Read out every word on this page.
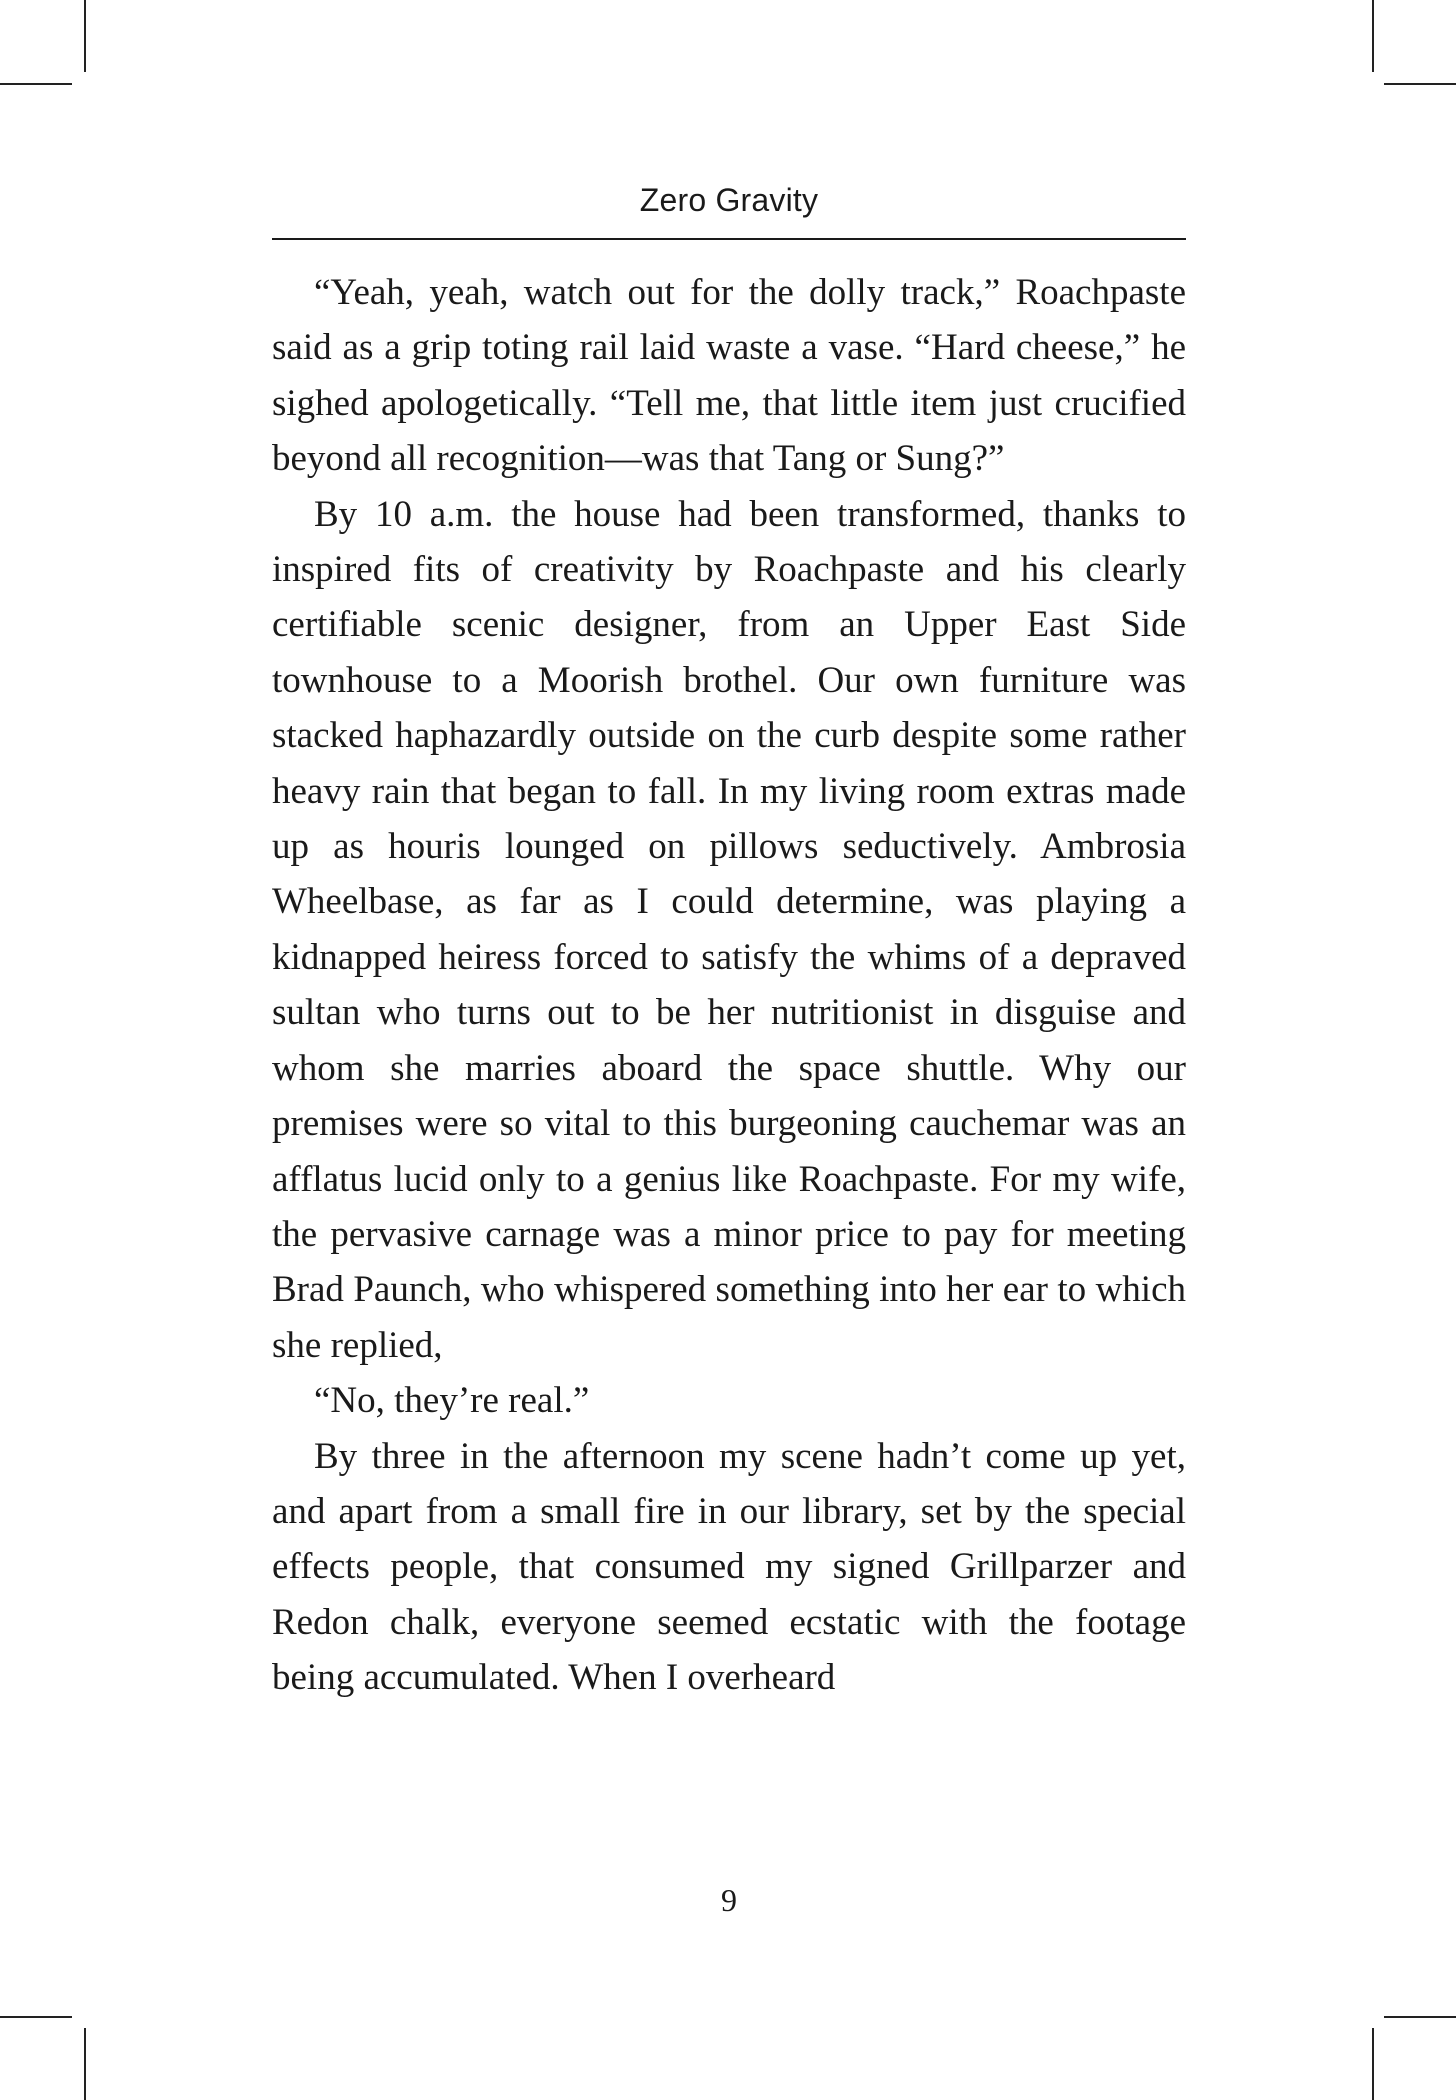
Zero Gravity

“Yeah, yeah, watch out for the dolly track,” Roachpaste said as a grip toting rail laid waste a vase. “Hard cheese,” he sighed apologetically. “Tell me, that little item just crucified beyond all recognition—was that Tang or Sung?”

By 10 a.m. the house had been transformed, thanks to inspired fits of creativity by Roachpaste and his clearly certifiable scenic designer, from an Upper East Side townhouse to a Moorish brothel. Our own furniture was stacked haphazardly outside on the curb despite some rather heavy rain that began to fall. In my living room extras made up as houris lounged on pillows seductively. Ambrosia Wheelbase, as far as I could determine, was playing a kidnapped heiress forced to satisfy the whims of a depraved sultan who turns out to be her nutritionist in disguise and whom she marries aboard the space shuttle. Why our premises were so vital to this burgeoning cauchemar was an afflatus lucid only to a genius like Roachpaste. For my wife, the pervasive carnage was a minor price to pay for meeting Brad Paunch, who whispered something into her ear to which she replied,

“No, they’re real.”

By three in the afternoon my scene hadn’t come up yet, and apart from a small fire in our library, set by the special effects people, that consumed my signed Grillparzer and Redon chalk, everyone seemed ecstatic with the footage being accumulated. When I overheard

9
